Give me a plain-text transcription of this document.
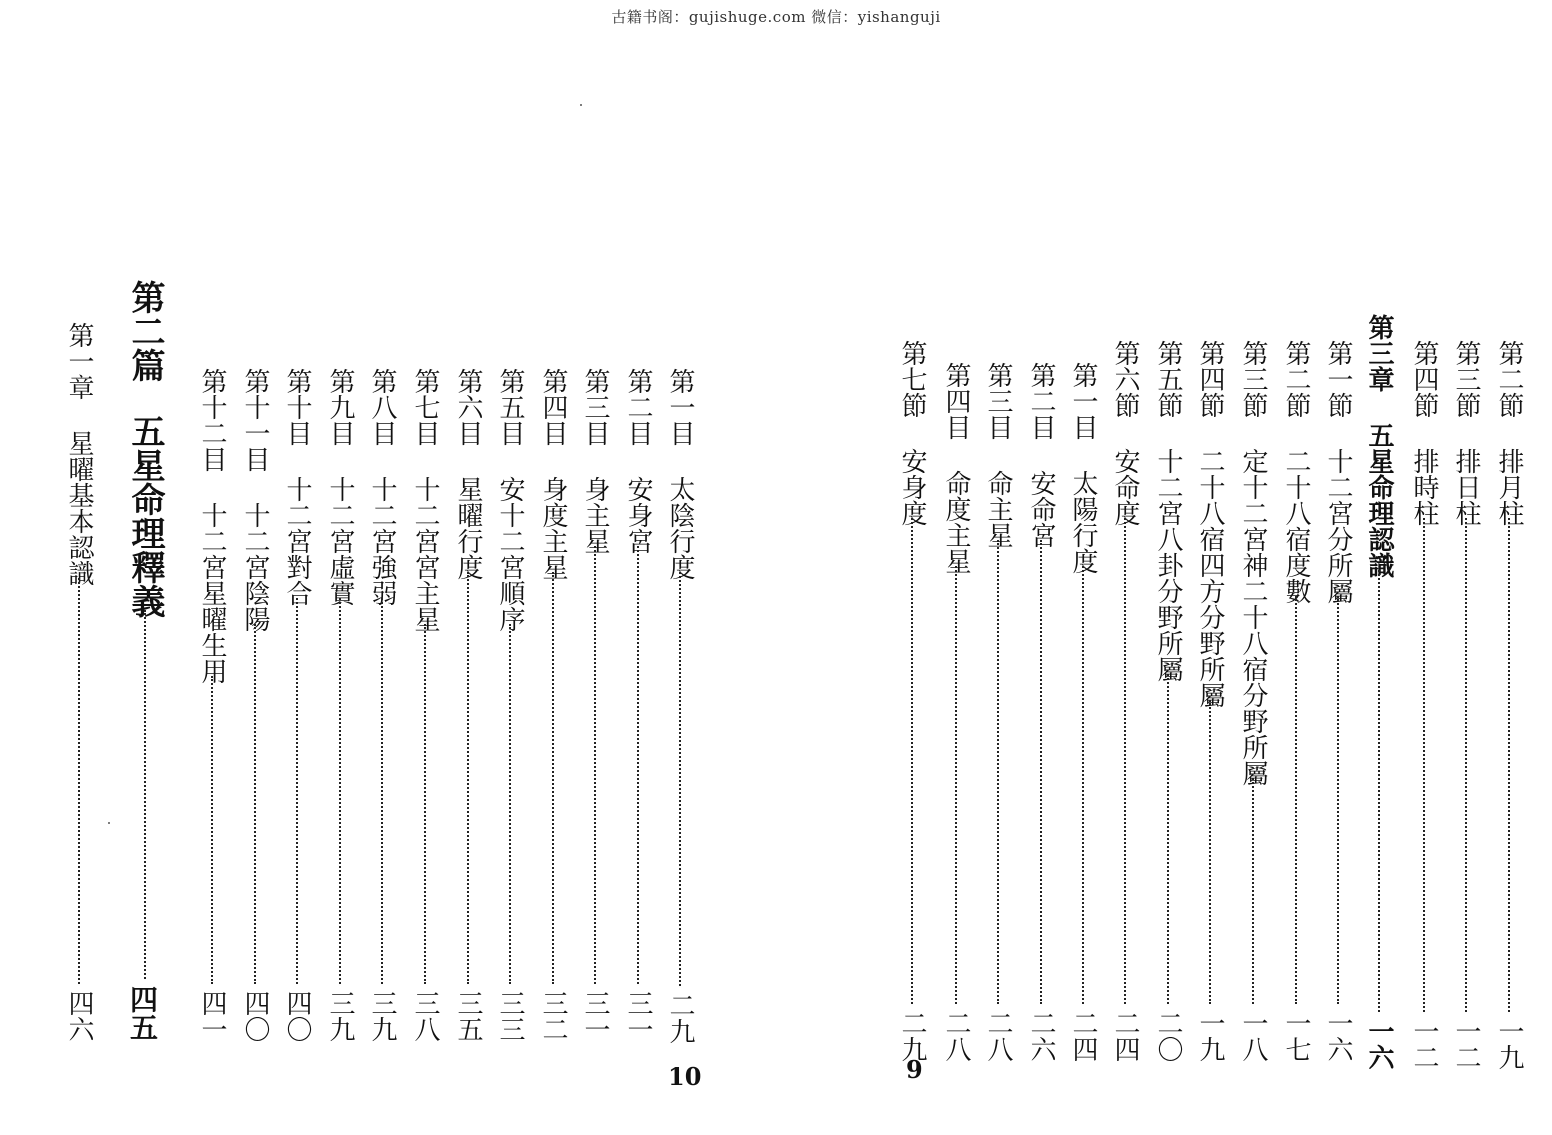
古籍书阁：gujishuge.com 微信：yishanguji
第二節排月柱
一九
第三節排日柱
一二
第四節排時柱
一二
第三章五星命理認識
一六
第一節十二宮分所屬
一六
第二節二十八宿度數
一七
第三節定十二宮神二十八宿分野所屬
一八
第四節二十八宿四方分野所屬
一九
第五節十二宮八卦分野所屬
二〇
第六節安命度
二四
第一目太陽行度
二四
第二目安命宮
二六
第三目命主星
二八
第四目命度主星
二八
第七節安身度
二九
第一目太陰行度
二九
第二目安身宮
三一
第三目身主星
三一
第四目身度主星
三二
第五目安十二宮順序
三三
第六目星曜行度
三五
第七目十二宮宮主星
三八
第八目十二宮強弱
三九
第九目十二宮虛實
三九
第十目十二宮對合
四〇
第十一目十二宮陰陽
四〇
第十二目十二宮星曜生用
四一
第二篇五星命理釋義
四五
第一章星曜基本認識
四六
9
10
